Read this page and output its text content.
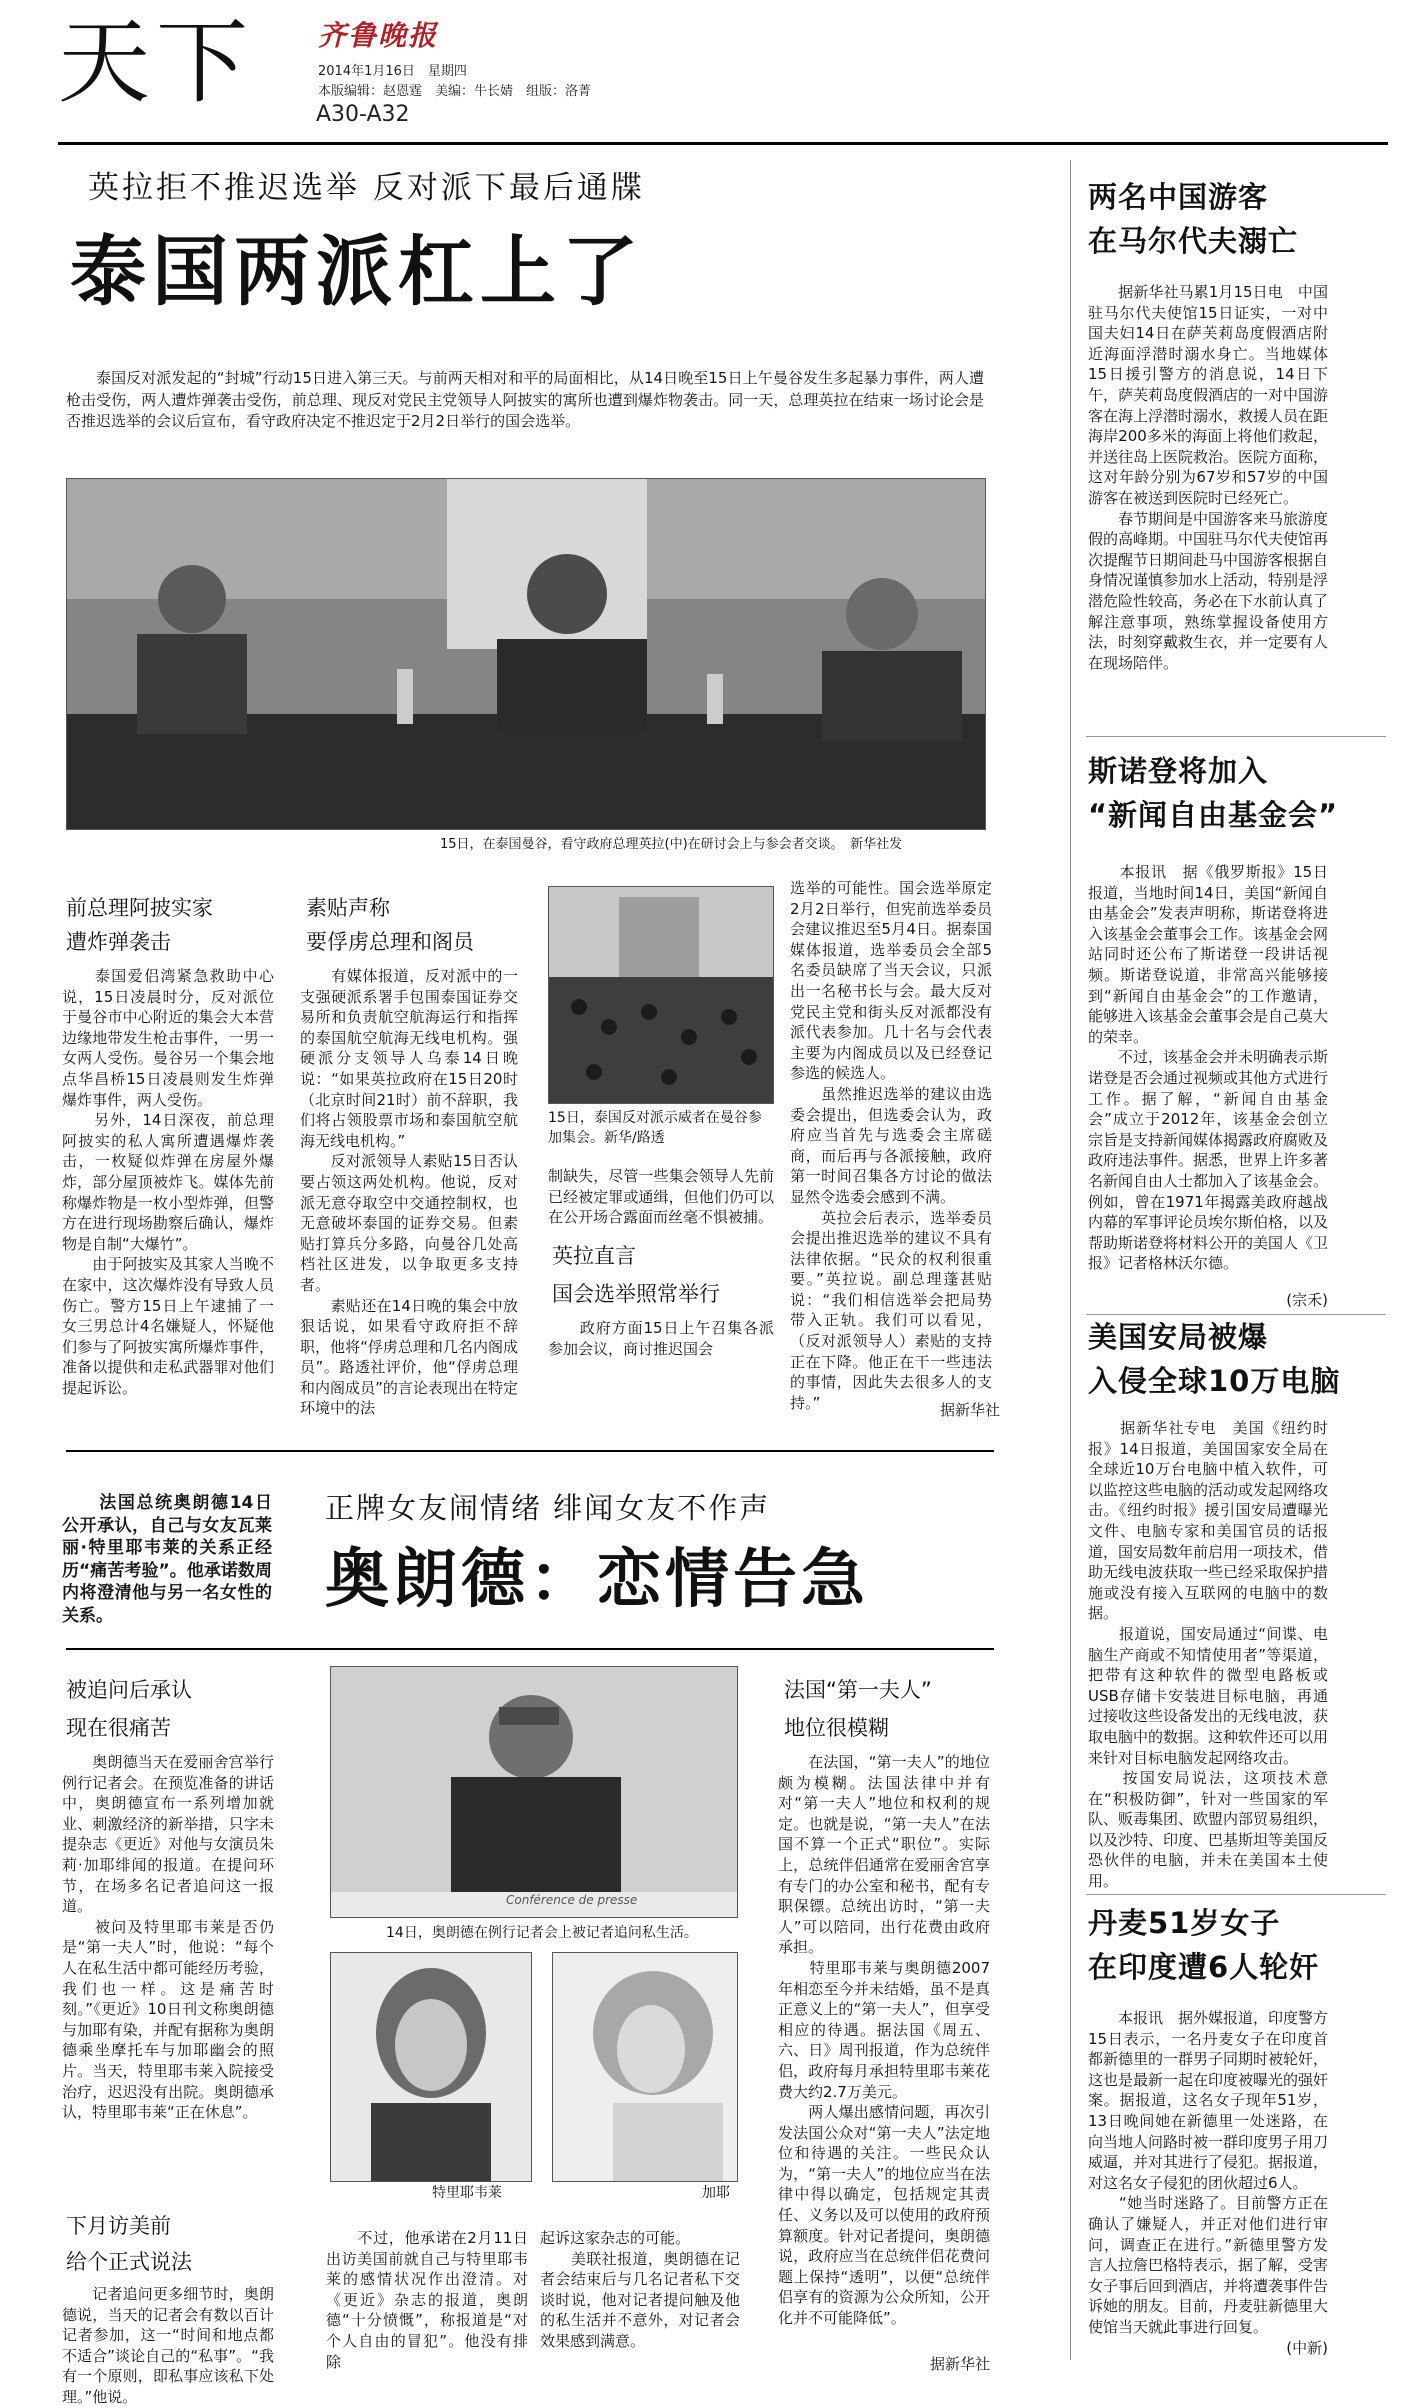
天下 齐鲁晚报
2014年1月16日　星期四
本版编辑：赵恩霆　美编：牛长婧　组版：洛菁
A30-A32
英拉拒不推迟选举 反对派下最后通牒
泰国两派杠上了
泰国反对派发起的“封城”行动15日进入第三天。与前两天相对和平的局面相比，从14日晚至15日上午曼谷发生多起暴力事件，两人遭枪击受伤，两人遭炸弹袭击受伤，前总理、现反对党民主党领导人阿披实的寓所也遭到爆炸物袭击。同一天，总理英拉在结束一场讨论会是否推迟选举的会议后宣布，看守政府决定不推迟定于2月2日举行的国会选举。
15日，在泰国曼谷，看守政府总理英拉(中)在研讨会上与参会者交谈。　新华社发
前总理阿披实家
遭炸弹袭击
　　泰国爱侣湾紧急救助中心说，15日凌晨时分，反对派位于曼谷市中心附近的集会大本营边缘地带发生枪击事件，一男一女两人受伤。曼谷另一个集会地点华昌桥15日凌晨则发生炸弹爆炸事件，两人受伤。
　　另外，14日深夜，前总理阿披实的私人寓所遭遇爆炸袭击，一枚疑似炸弹在房屋外爆炸，部分屋顶被炸飞。媒体先前称爆炸物是一枚小型炸弹，但警方在进行现场勘察后确认，爆炸物是自制“大爆竹”。
　　由于阿披实及其家人当晚不在家中，这次爆炸没有导致人员伤亡。警方15日上午逮捕了一女三男总计4名嫌疑人，怀疑他们参与了阿披实寓所爆炸事件，准备以提供和走私武器罪对他们提起诉讼。
素贴声称
要俘虏总理和阁员
　　有媒体报道，反对派中的一支强硬派系署手包围泰国证券交易所和负责航空航海运行和指挥的泰国航空航海无线电机构。强硬派分支领导人乌泰14日晚说：“如果英拉政府在15日20时（北京时间21时）前不辞职，我们将占领股票市场和泰国航空航海无线电机构。”
　　反对派领导人素贴15日否认要占领这两处机构。他说，反对派无意夺取空中交通控制权，也无意破坏泰国的证券交易。但素贴打算兵分多路，向曼谷几处高档社区进发，以争取更多支持者。
　　素贴还在14日晚的集会中放狠话说，如果看守政府拒不辞职，他将“俘虏总理和几名内阁成员”。路透社评价，他“俘虏总理和内阁成员”的言论表现出在特定环境中的法
15日，泰国反对派示威者在曼谷参加集会。新华/路透
制缺失，尽管一些集会领导人先前已经被定罪或通缉，但他们仍可以在公开场合露面而丝毫不惧被捕。
英拉直言
国会选举照常举行
　　政府方面15日上午召集各派参加会议，商讨推迟国会
选举的可能性。国会选举原定2月2日举行，但宪前选举委员会建议推迟至5月4日。据泰国媒体报道，选举委员会全部5名委员缺席了当天会议，只派出一名秘书长与会。最大反对党民主党和街头反对派都没有派代表参加。几十名与会代表主要为内阁成员以及已经登记参选的候选人。
　　虽然推迟选举的建议由选委会提出，但选委会认为，政府应当首先与选委会主席磋商，而后再与各派接触，政府第一时间召集各方讨论的做法显然令选委会感到不满。
　　英拉会后表示，选举委员会提出推迟选举的建议不具有法律依据。“民众的权利很重要。”英拉说。副总理蓬甚贴说：“我们相信选举会把局势带入正轨。我们可以看见，（反对派领导人）素贴的支持正在下降。他正在干一些违法的事情，因此失去很多人的支持。”	据新华社
两名中国游客
在马尔代夫溺亡
　　据新华社马累1月15日电　中国驻马尔代夫使馆15日证实，一对中国夫妇14日在萨芙莉岛度假酒店附近海面浮潜时溺水身亡。当地媒体15日援引警方的消息说，14日下午，萨芙莉岛度假酒店的一对中国游客在海上浮潜时溺水，救援人员在距海岸200多米的海面上将他们救起，并送往岛上医院救治。医院方面称，这对年龄分别为67岁和57岁的中国游客在被送到医院时已经死亡。
　　春节期间是中国游客来马旅游度假的高峰期。中国驻马尔代夫使馆再次提醒节日期间赴马中国游客根据自身情况谨慎参加水上活动，特别是浮潜危险性较高，务必在下水前认真了解注意事项，熟练掌握设备使用方法，时刻穿戴救生衣，并一定要有人在现场陪伴。
斯诺登将加入
“新闻自由基金会”
　　本报讯　据《俄罗斯报》15日报道，当地时间14日，美国“新闻自由基金会”发表声明称，斯诺登将进入该基金会董事会工作。该基金会网站同时还公布了斯诺登一段讲话视频。斯诺登说道，非常高兴能够接到“新闻自由基金会”的工作邀请，能够进入该基金会董事会是自己莫大的荣幸。
　　不过，该基金会并未明确表示斯诺登是否会通过视频或其他方式进行工作。据了解，“新闻自由基金会”成立于2012年，该基金会创立宗旨是支持新闻媒体揭露政府腐败及政府违法事件。据悉，世界上许多著名新闻自由人士都加入了该基金会。例如，曾在1971年揭露美政府越战内幕的军事评论员埃尔斯伯格，以及帮助斯诺登将材料公开的美国人《卫报》记者格林沃尔德。
(宗禾)
美国安局被爆
入侵全球10万电脑
　　据新华社专电　美国《纽约时报》14日报道，美国国家安全局在全球近10万台电脑中植入软件，可以监控这些电脑的活动或发起网络攻击。《纽约时报》援引国安局遭曝光文件、电脑专家和美国官员的话报道，国安局数年前启用一项技术，借助无线电波获取一些已经采取保护措施或没有接入互联网的电脑中的数据。
　　报道说，国安局通过“间谍、电脑生产商或不知情使用者”等渠道，把带有这种软件的微型电路板或USB存储卡安装进目标电脑，再通过接收这些设备发出的无线电波，获取电脑中的数据。这种软件还可以用来针对目标电脑发起网络攻击。
　　按国安局说法，这项技术意在“积极防御”，针对一些国家的军队、贩毒集团、欧盟内部贸易组织，以及沙特、印度、巴基斯坦等美国反恐伙伴的电脑，并未在美国本土使用。
丹麦51岁女子
在印度遭6人轮奸
　　本报讯　据外媒报道，印度警方15日表示，一名丹麦女子在印度首都新德里的一群男子同期时被轮奸，这也是最新一起在印度被曝光的强奸案。据报道，这名女子现年51岁，13日晚间她在新德里一处迷路，在向当地人问路时被一群印度男子用刀威逼，并对其进行了侵犯。据报道，对这名女子侵犯的团伙超过6人。
　　“她当时迷路了。目前警方正在确认了嫌疑人，并正对他们进行审问，调查正在进行。”新德里警方发言人拉詹巴格特表示，据了解，受害女子事后回到酒店，并将遭袭事件告诉她的朋友。目前，丹麦驻新德里大使馆当天就此事进行回复。
(中新)
　　法国总统奥朗德14日公开承认，自己与女友瓦莱丽·特里耶韦莱的关系正经历“痛苦考验”。他承诺数周内将澄清他与另一名女性的关系。
正牌女友闹情绪 绯闻女友不作声
奥朗德：恋情告急
被追问后承认
现在很痛苦
　　奥朗德当天在爱丽舍宫举行例行记者会。在预览准备的讲话中，奥朗德宣布一系列增加就业、刺激经济的新举措，只字未提杂志《更近》对他与女演员朱莉·加耶绯闻的报道。在提问环节，在场多名记者追问这一报道。
　　被问及特里耶韦莱是否仍是“第一夫人”时，他说：“每个人在私生活中都可能经历考验，我们也一样。这是痛苦时刻。”《更近》10日刊文称奥朗德与加耶有染，并配有据称为奥朗德乘坐摩托车与加耶幽会的照片。当天，特里耶韦莱入院接受治疗，迟迟没有出院。奥朗德承认，特里耶韦莱“正在休息”。
下月访美前
给个正式说法
　　记者追问更多细节时，奥朗德说，当天的记者会有数以百计记者参加，这一“时间和地点都不适合”谈论自己的“私事”。“我有一个原则，即私事应该私下处理。”他说。
Conférence de presse
14日，奥朗德在例行记者会上被记者追问私生活。
特里耶韦莱	加耶
　　不过，他承诺在2月11日出访美国前就自己与特里耶韦莱的感情状况作出澄清。对《更近》杂志的报道，奥朗德“十分愤慨”，称报道是“对个人自由的冒犯”。他没有排除
起诉这家杂志的可能。
　　美联社报道，奥朗德在记者会结束后与几名记者私下交谈时说，他对记者提问触及他的私生活并不意外，对记者会效果感到满意。
法国“第一夫人”
地位很模糊
　　在法国，“第一夫人”的地位颇为模糊。法国法律中并有对“第一夫人”地位和权利的规定。也就是说，“第一夫人”在法国不算一个正式“职位”。实际上，总统伴侣通常在爱丽舍宫享有专门的办公室和秘书，配有专职保镖。总统出访时，“第一夫人”可以陪同，出行花费由政府承担。
　　特里耶韦莱与奥朗德2007年相恋至今并未结婚，虽不是真正意义上的“第一夫人”，但享受相应的待遇。据法国《周五、六、日》周刊报道，作为总统伴侣，政府每月承担特里耶韦莱花费大约2.7万美元。
　　两人爆出感情问题，再次引发法国公众对“第一夫人”法定地位和待遇的关注。一些民众认为，“第一夫人”的地位应当在法律中得以确定，包括规定其责任、义务以及可以使用的政府预算额度。针对记者提问，奥朗德说，政府应当在总统伴侣花费问题上保持“透明”，以便“总统伴侣享有的资源为公众所知，公开化并不可能降低”。
据新华社
